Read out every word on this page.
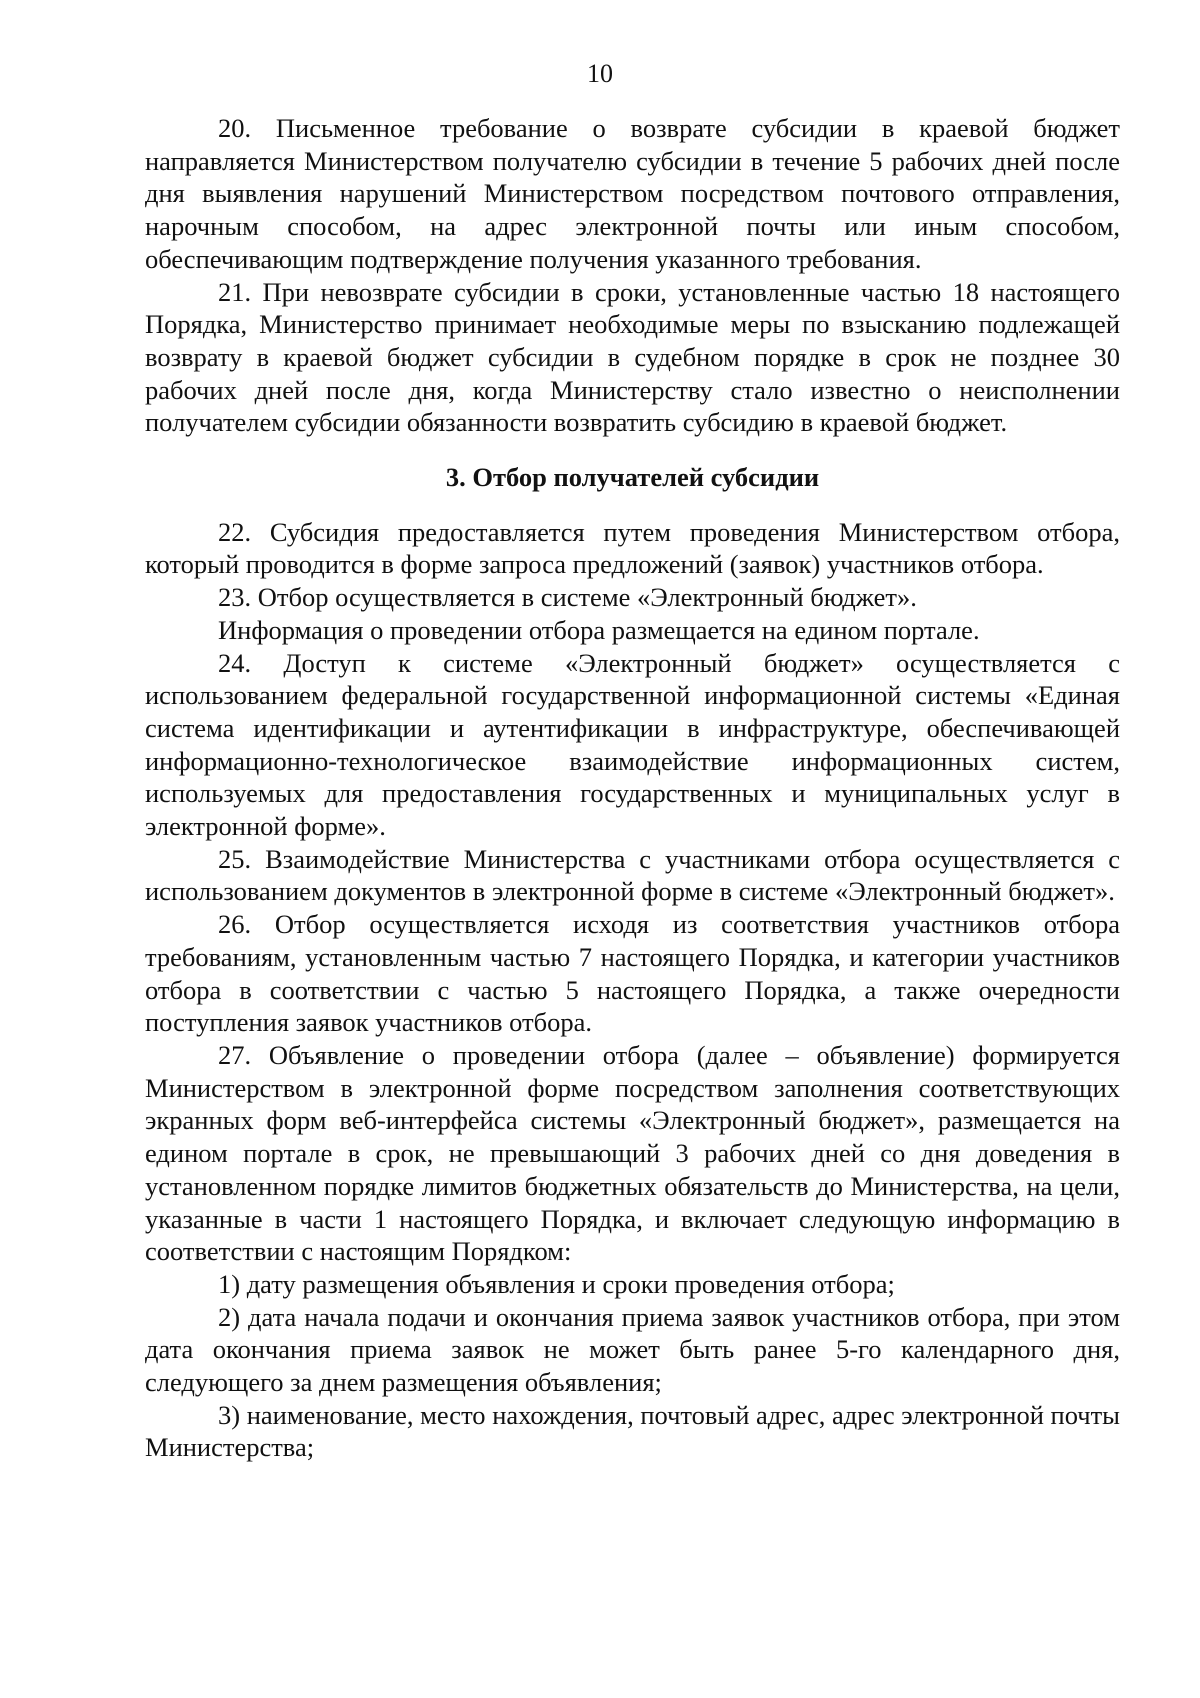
10

20. Письменное требование о возврате субсидии в краевой бюджет направляется Министерством получателю субсидии в течение 5 рабочих дней после дня выявления нарушений Министерством посредством почтового отправления, нарочным способом, на адрес электронной почты или иным способом, обеспечивающим подтверждение получения указанного требования.

21. При невозврате субсидии в сроки, установленные частью 18 настоящего Порядка, Министерство принимает необходимые меры по взысканию подлежащей возврату в краевой бюджет субсидии в судебном порядке в срок не позднее 30 рабочих дней после дня, когда Министерству стало известно о неисполнении получателем субсидии обязанности возвратить субсидию в краевой бюджет.

3. Отбор получателей субсидии

22. Субсидия предоставляется путем проведения Министерством отбора, который проводится в форме запроса предложений (заявок) участников отбора.

23. Отбор осуществляется в системе «Электронный бюджет».

Информация о проведении отбора размещается на едином портале.

24. Доступ к системе «Электронный бюджет» осуществляется с использованием федеральной государственной информационной системы «Единая система идентификации и аутентификации в инфраструктуре, обеспечивающей информационно-технологическое взаимодействие информационных систем, используемых для предоставления государственных и муниципальных услуг в электронной форме».

25. Взаимодействие Министерства с участниками отбора осуществляется с использованием документов в электронной форме в системе «Электронный бюджет».

26. Отбор осуществляется исходя из соответствия участников отбора требованиям, установленным частью 7 настоящего Порядка, и категории участников отбора в соответствии с частью 5 настоящего Порядка, а также очередности поступления заявок участников отбора.

27. Объявление о проведении отбора (далее – объявление) формируется Министерством в электронной форме посредством заполнения соответствующих экранных форм веб-интерфейса системы «Электронный бюджет», размещается на едином портале в срок, не превышающий 3 рабочих дней со дня доведения в установленном порядке лимитов бюджетных обязательств до Министерства, на цели, указанные в части 1 настоящего Порядка, и включает следующую информацию в соответствии с настоящим Порядком:

1) дату размещения объявления и сроки проведения отбора;

2) дата начала подачи и окончания приема заявок участников отбора, при этом дата окончания приема заявок не может быть ранее 5-го календарного дня, следующего за днем размещения объявления;

3) наименование, место нахождения, почтовый адрес, адрес электронной почты Министерства;
